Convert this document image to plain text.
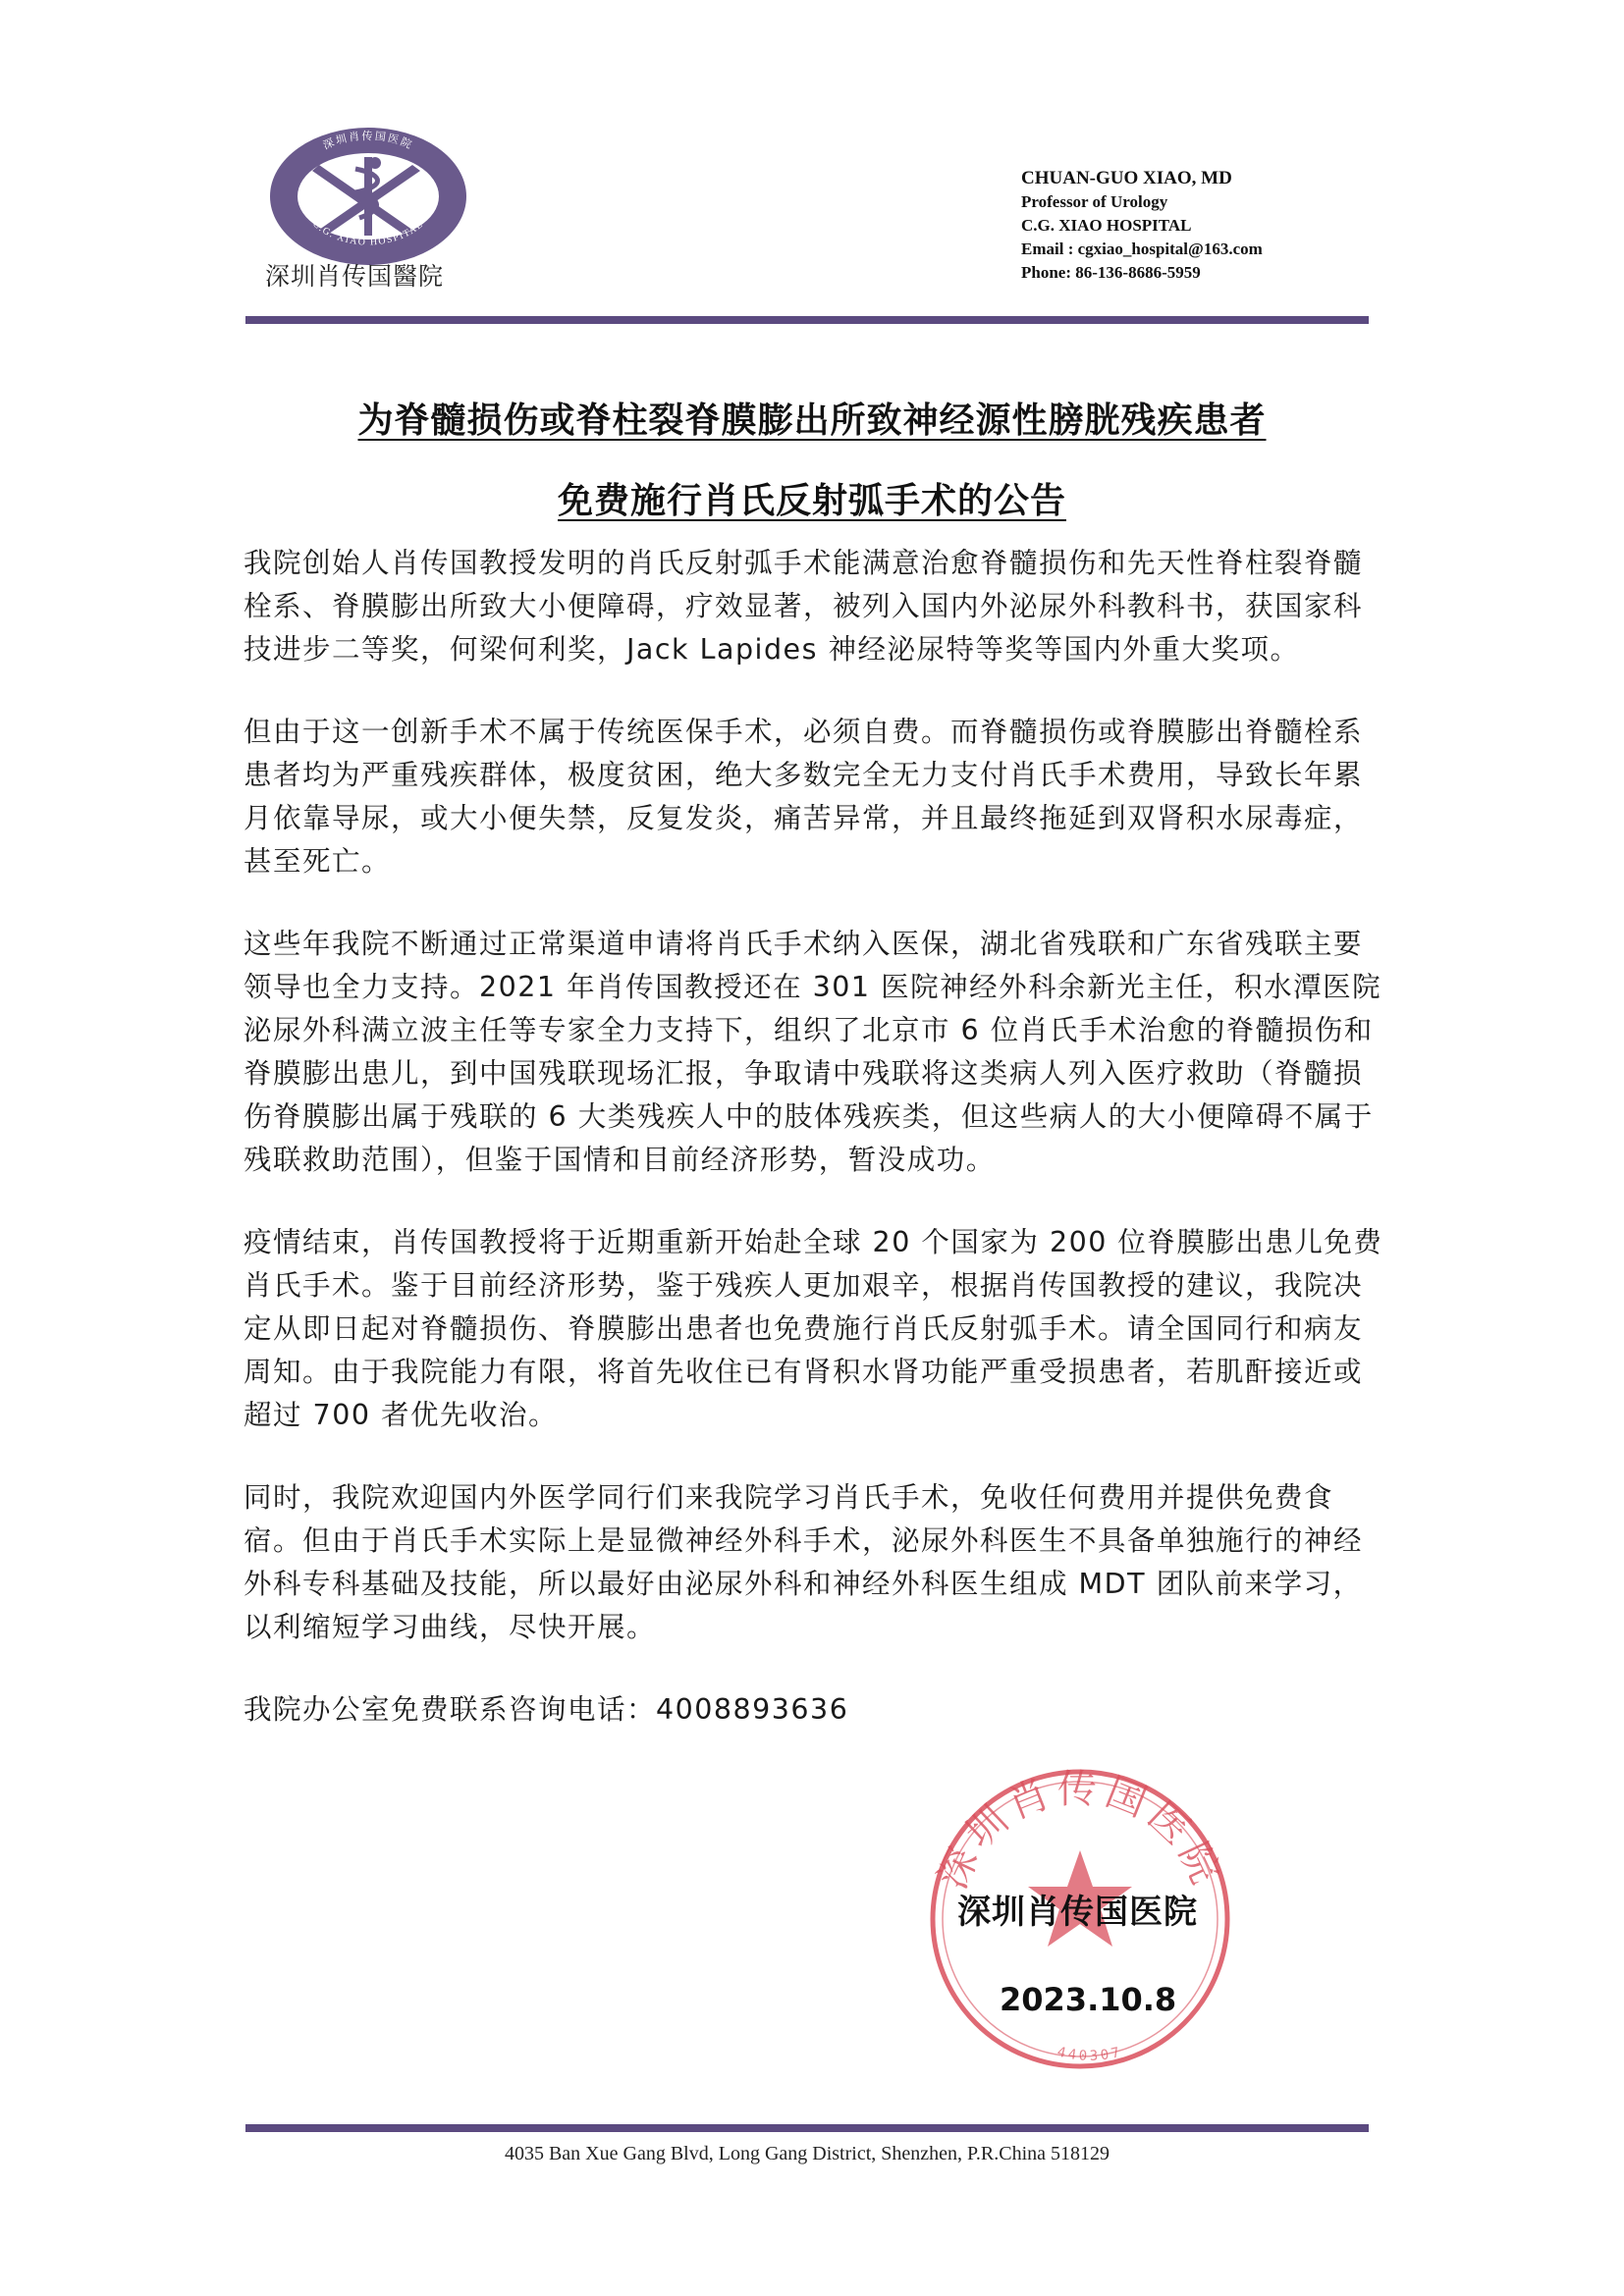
深圳肖传国医院
C.G. XIAO HOSPITAL
深圳肖传国醫院
CHUAN-GUO XIAO, MD
Professor of Urology
C.G. XIAO HOSPITAL
Email : cgxiao_hospital@163.com
Phone: 86-136-8686-5959
为脊髓损伤或脊柱裂脊膜膨出所致神经源性膀胱残疾患者
免费施行肖氏反射弧手术的公告

我院创始人肖传国教授发明的肖氏反射弧手术能满意治愈脊髓损伤和先天性脊柱裂脊髓栓系、脊膜膨出所致大小便障碍，疗效显著，被列入国内外泌尿外科教科书，获国家科技进步二等奖，何梁何利奖，Jack Lapides 神经泌尿特等奖等国内外重大奖项。

但由于这一创新手术不属于传统医保手术，必须自费。而脊髓损伤或脊膜膨出脊髓栓系患者均为严重残疾群体，极度贫困，绝大多数完全无力支付肖氏手术费用，导致长年累月依靠导尿，或大小便失禁，反复发炎，痛苦异常，并且最终拖延到双肾积水尿毒症，甚至死亡。

这些年我院不断通过正常渠道申请将肖氏手术纳入医保，湖北省残联和广东省残联主要领导也全力支持。2021 年肖传国教授还在 301 医院神经外科余新光主任，积水潭医院泌尿外科满立波主任等专家全力支持下，组织了北京市 6 位肖氏手术治愈的脊髓损伤和脊膜膨出患儿，到中国残联现场汇报，争取请中残联将这类病人列入医疗救助（脊髓损伤脊膜膨出属于残联的 6 大类残疾人中的肢体残疾类，但这些病人的大小便障碍不属于残联救助范围），但鉴于国情和目前经济形势，暂没成功。

疫情结束，肖传国教授将于近期重新开始赴全球 20 个国家为 200 位脊膜膨出患儿免费肖氏手术。鉴于目前经济形势，鉴于残疾人更加艰辛，根据肖传国教授的建议，我院决定从即日起对脊髓损伤、脊膜膨出患者也免费施行肖氏反射弧手术。请全国同行和病友周知。由于我院能力有限，将首先收住已有肾积水肾功能严重受损患者，若肌酐接近或超过 700 者优先收治。

同时，我院欢迎国内外医学同行们来我院学习肖氏手术，免收任何费用并提供免费食宿。但由于肖氏手术实际上是显微神经外科手术，泌尿外科医生不具备单独施行的神经外科专科基础及技能，所以最好由泌尿外科和神经外科医生组成 MDT 团队前来学习，以利缩短学习曲线，尽快开展。

我院办公室免费联系咨询电话：4008893636

深圳肖传国医院
440307
深圳肖传国医院
2023.10.8
4035 Ban Xue Gang Blvd, Long Gang District, Shenzhen, P.R.China 518129
